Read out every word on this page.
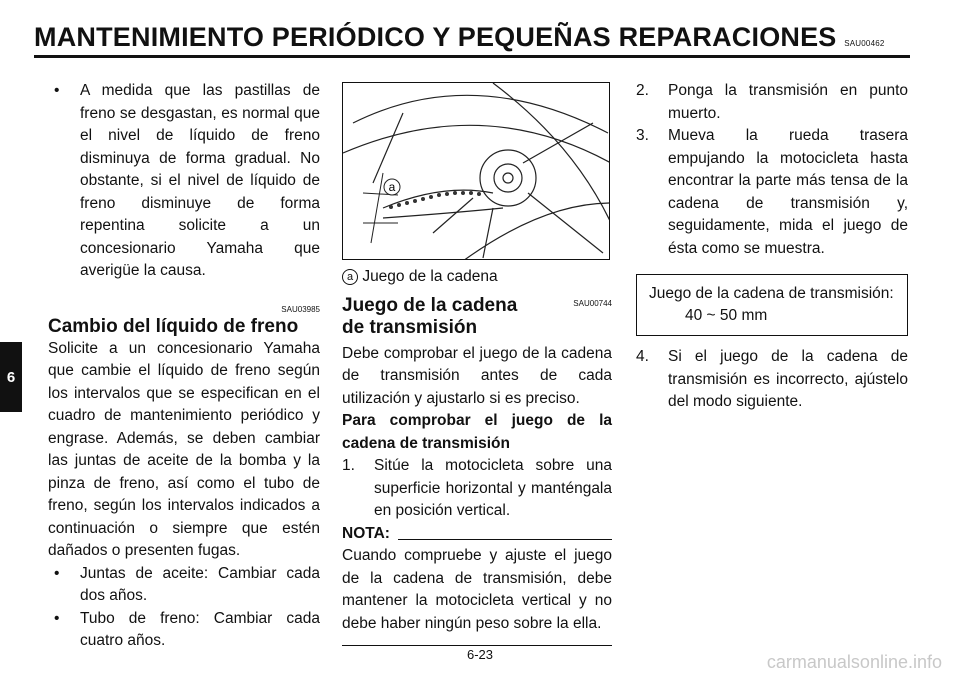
MANTENIMIENTO PERIÓDICO Y PEQUEÑAS REPARACIONES SAU00462
6
• A medida que las pastillas de freno se desgastan, es normal que el nivel de líquido de freno disminuya de forma gradual. No obstante, si el nivel de líquido de freno disminuye de forma repentina solicite a un concesionario Yamaha que averigüe la causa.
SAU03985
Cambio del líquido de freno
Solicite a un concesionario Yamaha que cambie el líquido de freno según los intervalos que se especifican en el cuadro de mantenimiento periódico y engrase. Además, se deben cambiar las juntas de aceite de la bomba y la pinza de freno, así como el tubo de freno, según los intervalos indicados a continuación o siempre que estén dañados o presenten fugas.
• Juntas de aceite: Cambiar cada dos años.
• Tubo de freno: Cambiar cada cuatro años.
a
a Juego de la cadena
SAU00744
Juego de la cadena de transmisión
Debe comprobar el juego de la cadena de transmisión antes de cada utilización y ajustarlo si es preciso.
Para comprobar el juego de la cadena de transmisión
1. Sitúe la motocicleta sobre una superficie horizontal y manténgala en posición vertical.
NOTA:
Cuando compruebe y ajuste el juego de la cadena de transmisión, debe mantener la motocicleta vertical y no debe haber ningún peso sobre la ella.
2. Ponga la transmisión en punto muerto.
3. Mueva la rueda trasera empujando la motocicleta hasta encontrar la parte más tensa de la cadena de transmisión y, seguidamente, mida el juego de ésta como se muestra.
Juego de la cadena de transmisión:
40 ~ 50 mm
4. Si el juego de la cadena de transmisión es incorrecto, ajústelo del modo siguiente.
6-23	carmanualsonline.info
